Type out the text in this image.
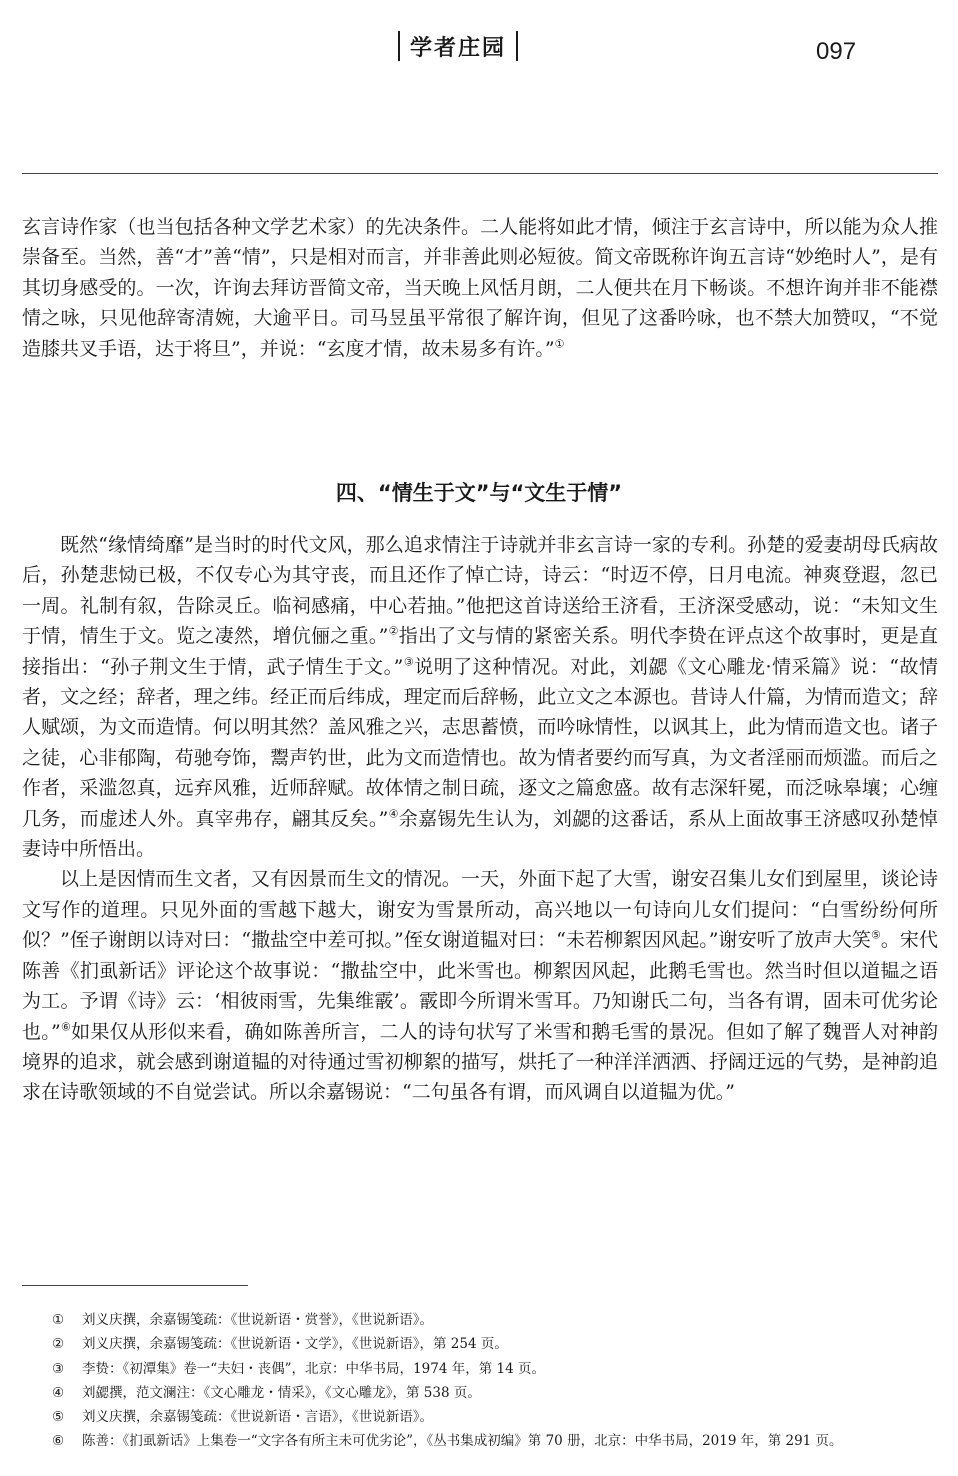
学者庄园	097

玄言诗作家（也当包括各种文学艺术家）的先决条件。二人能将如此才情，倾注于玄言诗中，所以能为众人推崇备至。当然，善“才”善“情”，只是相对而言，并非善此则必短彼。简文帝既称许询五言诗“妙绝时人”，是有其切身感受的。一次，许询去拜访晋简文帝，当天晚上风恬月朗，二人便共在月下畅谈。不想许询并非不能襟情之咏，只见他辞寄清婉，大逾平日。司马昱虽平常很了解许询，但见了这番吟咏，也不禁大加赞叹，“不觉造膝共叉手语，达于将旦”，并说：“玄度才情，故未易多有许。”①

四、“情生于文”与“文生于情”

既然“缘情绮靡”是当时的时代文风，那么追求情注于诗就并非玄言诗一家的专利。孙楚的爱妻胡母氏病故后，孙楚悲恸已极，不仅专心为其守丧，而且还作了悼亡诗，诗云：“时迈不停，日月电流。神爽登遐，忽已一周。礼制有叙，告除灵丘。临祠感痛，中心若抽。”他把这首诗送给王济看，王济深受感动，说：“未知文生于情，情生于文。览之凄然，增伉俪之重。”②指出了文与情的紧密关系。明代李贽在评点这个故事时，更是直接指出：“孙子荆文生于情，武子情生于文。”③说明了这种情况。对此，刘勰《文心雕龙·情采篇》说：“故情者，文之经；辞者，理之纬。经正而后纬成，理定而后辞畅，此立文之本源也。昔诗人什篇，为情而造文；辞人赋颂，为文而造情。何以明其然？盖风雅之兴，志思蓄愤，而吟咏情性，以讽其上，此为情而造文也。诸子之徒，心非郁陶，苟驰夸饰，鬻声钓世，此为文而造情也。故为情者要约而写真，为文者淫丽而烦滥。而后之作者，采滥忽真，远弃风雅，近师辞赋。故体情之制日疏，逐文之篇愈盛。故有志深轩冕，而泛咏皋壤；心缠几务，而虚述人外。真宰弗存，翩其反矣。”④余嘉锡先生认为，刘勰的这番话，系从上面故事王济感叹孙楚悼妻诗中所悟出。

以上是因情而生文者，又有因景而生文的情况。一天，外面下起了大雪，谢安召集儿女们到屋里，谈论诗文写作的道理。只见外面的雪越下越大，谢安为雪景所动，高兴地以一句诗向儿女们提问：“白雪纷纷何所似？”侄子谢朗以诗对曰：“撒盐空中差可拟。”侄女谢道韫对曰：“未若柳絮因风起。”谢安听了放声大笑⑤。宋代陈善《扪虱新话》评论这个故事说：“撒盐空中，此米雪也。柳絮因风起，此鹅毛雪也。然当时但以道韫之语为工。予谓《诗》云：‘相彼雨雪，先集维霰’。霰即今所谓米雪耳。乃知谢氏二句，当各有谓，固未可优劣论也。”⑥如果仅从形似来看，确如陈善所言，二人的诗句状写了米雪和鹅毛雪的景况。但如了解了魏晋人对神韵境界的追求，就会感到谢道韫的对待通过雪初柳絮的描写，烘托了一种洋洋洒洒、抒阔迂远的气势，是神韵追求在诗歌领域的不自觉尝试。所以余嘉锡说：“二句虽各有谓，而风调自以道韫为优。”

① 刘义庆撰，余嘉锡笺疏：《世说新语・赏誉》，《世说新语》。
② 刘义庆撰，余嘉锡笺疏：《世说新语・文学》，《世说新语》，第 254 页。
③ 李贽：《初潭集》卷一“夫妇・丧偶”，北京：中华书局，1974 年，第 14 页。
④ 刘勰撰，范文澜注：《文心雕龙・情采》，《文心雕龙》，第 538 页。
⑤ 刘义庆撰，余嘉锡笺疏：《世说新语・言语》，《世说新语》。
⑥ 陈善：《扪虱新话》上集卷一“文字各有所主未可优劣论”，《丛书集成初编》第 70 册，北京：中华书局，2019 年，第 291 页。
